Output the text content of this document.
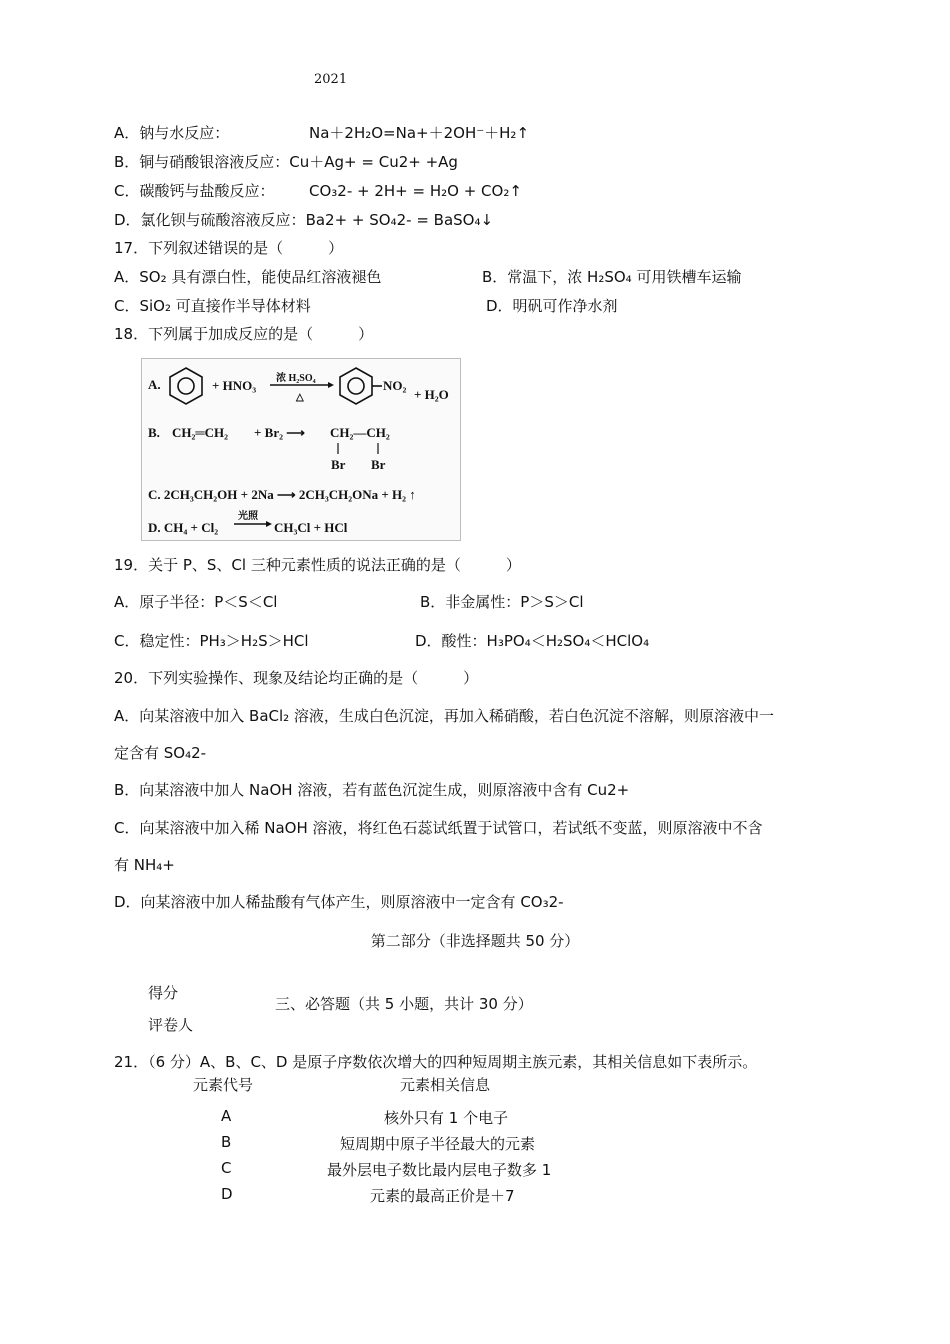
2021
A．钠与水反应：	Na＋2H₂O=Na+＋2OH⁻＋H₂↑
B．铜与硝酸银溶液反应：Cu＋Ag+ = Cu2+ +Ag
C．碳酸钙与盐酸反应： CO₃2- + 2H+ = H₂O + CO₂↑
D．氯化钡与硫酸溶液反应：Ba2+ + SO₄2- = BaSO₄↓
17．下列叙述错误的是（　　　）
A．SO₂ 具有漂白性，能使品红溶液褪色	B．常温下，浓 H₂SO₄ 可用铁槽车运输
C．SiO₂ 可直接作半导体材料	D．明矾可作净水剂
18．下列属于加成反应的是（　　　）
A.	+ HNO₃ 浓 H₂SO₄
△
NO₂
+ H₂O
B. CH₂═CH₂ + Br₂ ⟶ CH₂—CH₂
Br Br
C. 2CH₃CH₂OH + 2Na ⟶ 2CH₃CH₂ONa + H₂ ↑
D. CH₄ + Cl₂
光照
CH₃Cl + HCl
19．关于 P、S、Cl 三种元素性质的说法正确的是（　　　）
A．原子半径：P＜S＜Cl	B．非金属性：P＞S＞Cl
C．稳定性：PH₃＞H₂S＞HCl	D．酸性：H₃PO₄＜H₂SO₄＜HClO₄
20．下列实验操作、现象及结论均正确的是（　　　）
A．向某溶液中加入 BaCl₂ 溶液，生成白色沉淀，再加入稀硝酸，若白色沉淀不溶解，则原溶液中一
定含有 SO₄2-
B．向某溶液中加人 NaOH 溶液，若有蓝色沉淀生成，则原溶液中含有 Cu2+
C．向某溶液中加入稀 NaOH 溶液，将红色石蕊试纸置于试管口，若试纸不变蓝，则原溶液中不含
有 NH₄+
D．向某溶液中加人稀盐酸有气体产生，则原溶液中一定含有 CO₃2-
第二部分（非选择题共 50 分）
得分
评卷人
三、必答题（共 5 小题，共计 30 分）
21．（6 分）A、B、C、D 是原子序数依次增大的四种短周期主族元素，其相关信息如下表所示。
元素代号	元素相关信息
A	核外只有 1 个电子
B	短周期中原子半径最大的元素
C	最外层电子数比最内层电子数多 1
D	元素的最高正价是＋7
